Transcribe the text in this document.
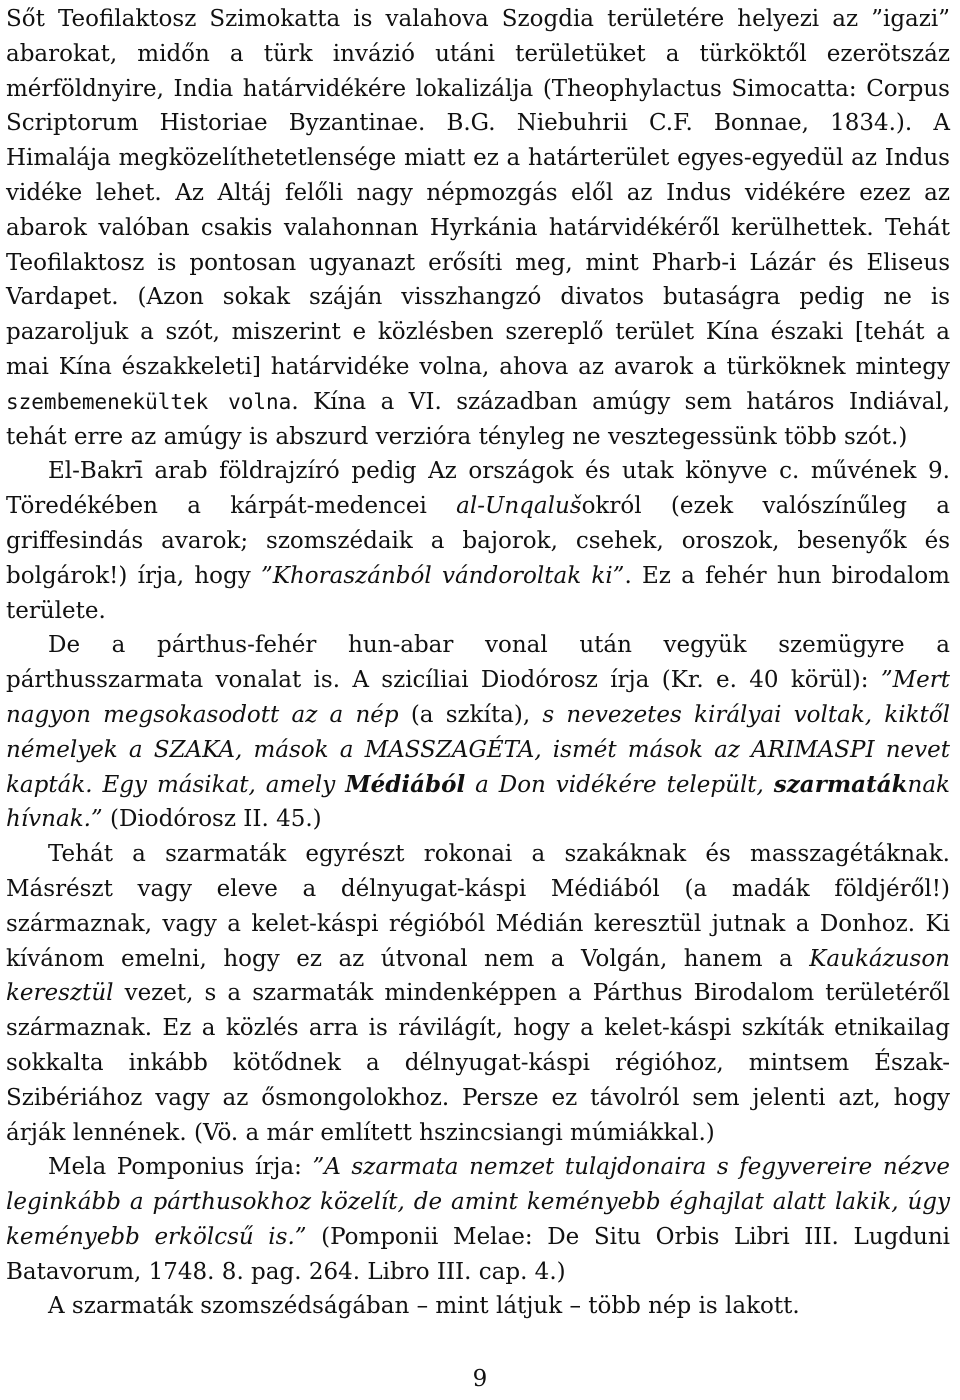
Sőt Teofilaktosz Szimokatta is valahova Szogdia területére helyezi az ”igazi” abarokat, midőn a türk invázió utáni területüket a türköktől ezerötszáz mérföldnyire, India határvidékére lokalizálja (Theophylactus Simocatta: Corpus Scriptorum Historiae Byzantinae. B.G. Niebuhrii C.F. Bonnae, 1834.). A Himalája megközelíthetetlensége miatt ez a határterület egyes-egyedül az Indus vidéke lehet. Az Altáj felőli nagy népmozgás elől az Indus vidékére ezez az abarok valóban csakis valahonnan Hyrkánia határvidékéről kerülhettek. Tehát Teofilaktosz is pontosan ugyanazt erősíti meg, mint Pharb-i Lázár és Eliseus Vardapet. (Azon sokak száján visszhangzó divatos butaságra pedig ne is pazaroljuk a szót, miszerint e közlésben szereplő terület Kína északi [tehát a mai Kína északkeleti] határvidéke volna, ahova az avarok a türköknek mintegy szembemenekültek volna. Kína a VI. században amúgy sem határos Indiával, tehát erre az amúgy is abszurd verzióra tényleg ne vesztegessünk több szót.)

El-Bakrī arab földrajzíró pedig Az országok és utak könyve c. művének 9. Töredékében a kárpát-medencei al-Unqalušokról (ezek valószínűleg a griffesindás avarok; szomszédaik a bajorok, csehek, oroszok, besenyők és bolgárok!) írja, hogy ”Khoraszánból vándoroltak ki”. Ez a fehér hun birodalom területe.

De a párthus-fehér hun-abar vonal után vegyük szemügyre a párthusszarmata vonalat is. A szicíliai Diodórosz írja (Kr. e. 40 körül): ”Mert nagyon megsokasodott az a nép (a szkíta), s nevezetes királyai voltak, kiktől némelyek a SZAKA, mások a MASSZAGÉTA, ismét mások az ARIMASPI nevet kapták. Egy másikat, amely Médiából a Don vidékére települt, szarmatáknak hívnak.” (Diodórosz II. 45.)

Tehát a szarmaták egyrészt rokonai a szakáknak és masszagétáknak. Másrészt vagy eleve a délnyugat-káspi Médiából (a madák földjéről!) származnak, vagy a kelet-káspi régióból Médián keresztül jutnak a Donhoz. Ki kívánom emelni, hogy ez az útvonal nem a Volgán, hanem a Kaukázuson keresztül vezet, s a szarmaták mindenképpen a Párthus Birodalom területéről származnak. Ez a közlés arra is rávilágít, hogy a kelet-káspi szkíták etnikailag sokkalta inkább kötődnek a délnyugat-káspi régióhoz, mintsem Észak-Szibériához vagy az ősmongolokhoz. Persze ez távolról sem jelenti azt, hogy árják lennének. (Vö. a már említett hszincsiangi múmiákkal.)

Mela Pomponius írja: ”A szarmata nemzet tulajdonaira s fegyvereire nézve leginkább a párthusokhoz közelít, de amint keményebb éghajlat alatt lakik, úgy keményebb erkölcsű is.” (Pomponii Melae: De Situ Orbis Libri III. Lugduni Batavorum, 1748. 8. pag. 264. Libro III. cap. 4.)

A szarmaták szomszédságában – mint látjuk – több nép is lakott.

9
